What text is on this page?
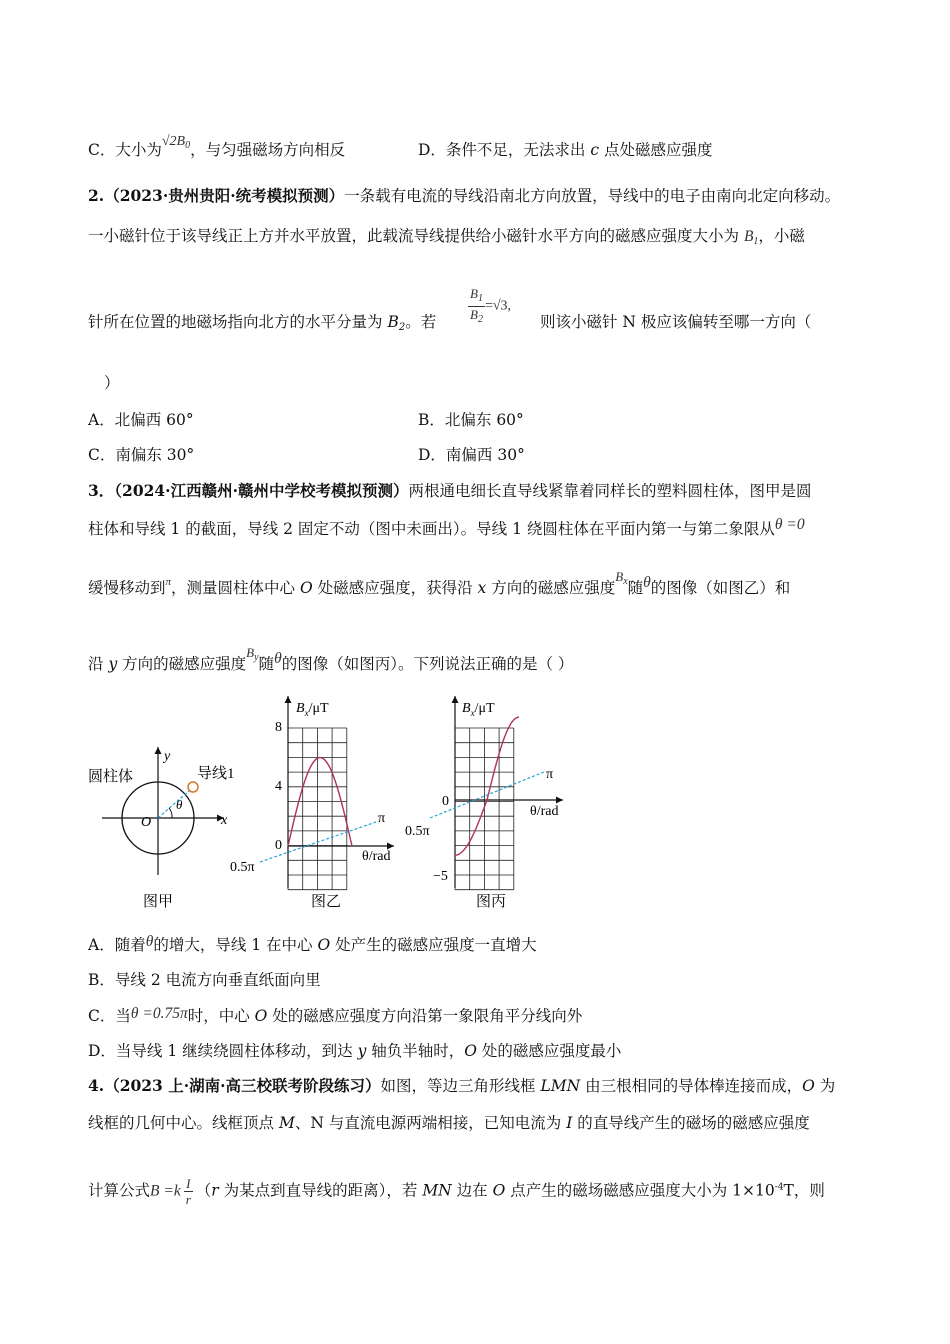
C．大小为$√2B_0$，与匀强磁场方向相反	D．条件不足，无法求出 c 点处磁感应强度
2.（2023·贵州贵阳·统考模拟预测）一条载有电流的导线沿南北方向放置，导线中的电子由南向北定向移动。
一小磁针位于该导线正上方并水平放置，此载流导线提供给小磁针水平方向的磁感应强度大小为 $B_1$，小磁
针所在位置的地磁场指向北方的水平分量为 $B_2$。若 $\frac{B_1}{B_2} =√3$,
则该小磁针 N 极应该偏转至哪一方向（
）
A．北偏西 60°	B．北偏东 60°
C．南偏东 30°	D．南偏西 30°
3．（2024·江西赣州·赣州中学校考模拟预测）两根通电细长直导线紧靠着同样长的塑料圆柱体，图甲是圆
柱体和导线 1 的截面，导线 2 固定不动（图中未画出）。导线 1 绕圆柱体在平面内第一与第二象限从θ =0
缓慢移动到$^\pi$，测量圆柱体中心 O 处磁感应强度，获得沿 x 方向的磁感应强度$^{B_x}$随θ的图像（如图乙）和
沿 y 方向的磁感应强度$^{B_y}$随θ的图像（如图丙）。下列说法正确的是（ ）
圆柱体	导线1
x
y
O
θ
图甲
$B_x/\mu T$
8
4
0
π
θ/rad
0.5π
图乙
$B_x/\mu T$
0
−5
π
θ/rad
0.5π
图丙
A．随着θ的增大，导线 1 在中心 O 处产生的磁感应强度一直增大
B．导线 2 电流方向垂直纸面向里
C．当θ =0.75π时，中心 O 处的磁感应强度方向沿第一象限角平分线向外
D．当导线 1 继续绕圆柱体移动，到达 y 轴负半轴时，O 处的磁感应强度最小
4.（2023 上·湖南·高三校联考阶段练习）如图，等边三角形线框 LMN 由三根相同的导体棒连接而成，O 为
线框的几何中心。线框顶点 M、N 与直流电源两端相接，已知电流为 I 的直导线产生的磁场的磁感应强度
计算公式$B =k \frac{I}{r} (r$ 为某点到直导线的距离），若 MN 边在 O 点产生的磁场磁感应强度大小为 $1\times 10^{-4}T$，则
